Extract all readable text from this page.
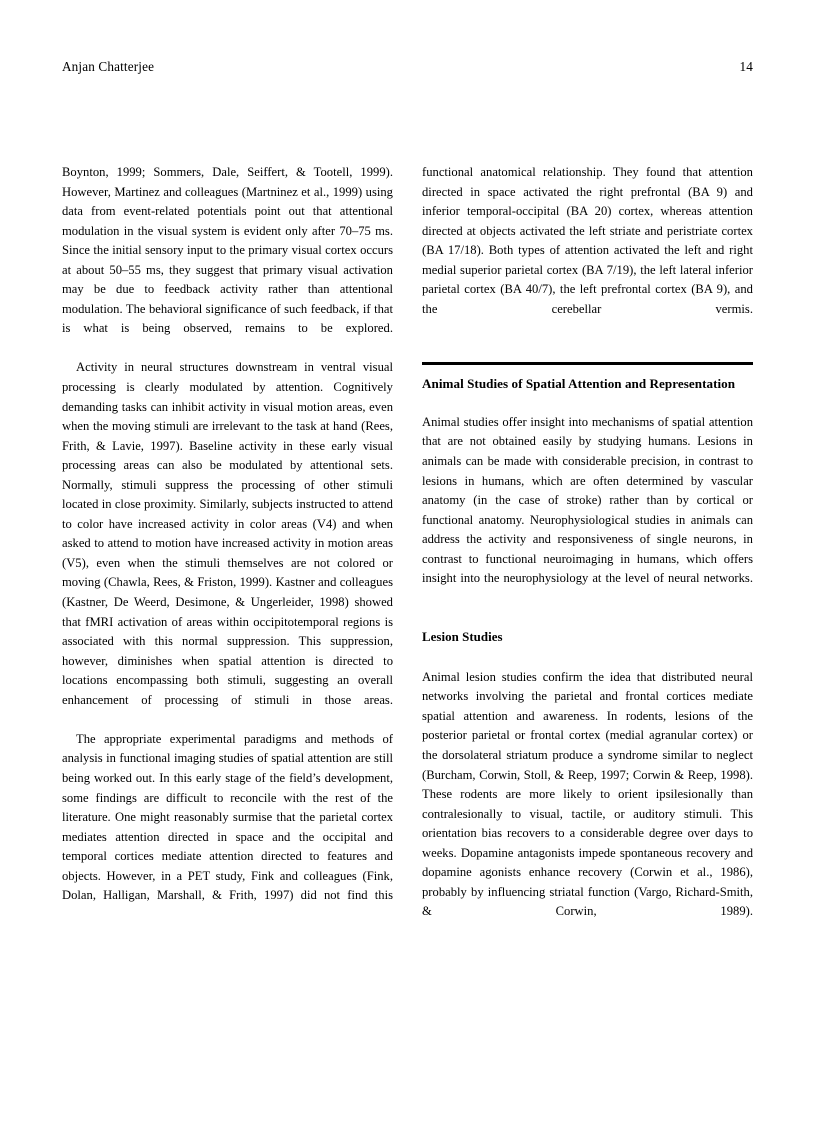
Anjan Chatterjee	14

Boynton, 1999; Sommers, Dale, Seiffert, & Tootell, 1999). However, Martinez and colleagues (Martninez et al., 1999) using data from event-related potentials point out that attentional modulation in the visual system is evident only after 70–75 ms. Since the initial sensory input to the primary visual cortex occurs at about 50–55 ms, they suggest that primary visual activation may be due to feedback activity rather than attentional modulation. The behavioral significance of such feedback, if that is what is being observed, remains to be explored.

Activity in neural structures downstream in ventral visual processing is clearly modulated by attention. Cognitively demanding tasks can inhibit activity in visual motion areas, even when the moving stimuli are irrelevant to the task at hand (Rees, Frith, & Lavie, 1997). Baseline activity in these early visual processing areas can also be modulated by attentional sets. Normally, stimuli suppress the processing of other stimuli located in close proximity. Similarly, subjects instructed to attend to color have increased activity in color areas (V4) and when asked to attend to motion have increased activity in motion areas (V5), even when the stimuli themselves are not colored or moving (Chawla, Rees, & Friston, 1999). Kastner and colleagues (Kastner, De Weerd, Desimone, & Ungerleider, 1998) showed that fMRI activation of areas within occipitotemporal regions is associated with this normal suppression. This suppression, however, diminishes when spatial attention is directed to locations encompassing both stimuli, suggesting an overall enhancement of processing of stimuli in those areas.

The appropriate experimental paradigms and methods of analysis in functional imaging studies of spatial attention are still being worked out. In this early stage of the field’s development, some findings are difficult to reconcile with the rest of the literature. One might reasonably surmise that the parietal cortex mediates attention directed in space and the occipital and temporal cortices mediate attention directed to features and objects. However, in a PET study, Fink and colleagues (Fink, Dolan, Halligan, Marshall, & Frith, 1997) did not find this

functional anatomical relationship. They found that attention directed in space activated the right prefrontal (BA 9) and inferior temporal-occipital (BA 20) cortex, whereas attention directed at objects activated the left striate and peristriate cortex (BA 17/18). Both types of attention activated the left and right medial superior parietal cortex (BA 7/19), the left lateral inferior parietal cortex (BA 40/7), the left prefrontal cortex (BA 9), and the cerebellar vermis.

Animal Studies of Spatial Attention and Representation

Animal studies offer insight into mechanisms of spatial attention that are not obtained easily by studying humans. Lesions in animals can be made with considerable precision, in contrast to lesions in humans, which are often determined by vascular anatomy (in the case of stroke) rather than by cortical or functional anatomy. Neurophysiological studies in animals can address the activity and responsiveness of single neurons, in contrast to functional neuroimaging in humans, which offers insight into the neurophysiology at the level of neural networks.

Lesion Studies

Animal lesion studies confirm the idea that distributed neural networks involving the parietal and frontal cortices mediate spatial attention and awareness. In rodents, lesions of the posterior parietal or frontal cortex (medial agranular cortex) or the dorsolateral striatum produce a syndrome similar to neglect (Burcham, Corwin, Stoll, & Reep, 1997; Corwin & Reep, 1998). These rodents are more likely to orient ipsilesionally than contralesionally to visual, tactile, or auditory stimuli. This orientation bias recovers to a considerable degree over days to weeks. Dopamine antagonists impede spontaneous recovery and dopamine agonists enhance recovery (Corwin et al., 1986), probably by influencing striatal function (Vargo, Richard-Smith, & Corwin, 1989).
